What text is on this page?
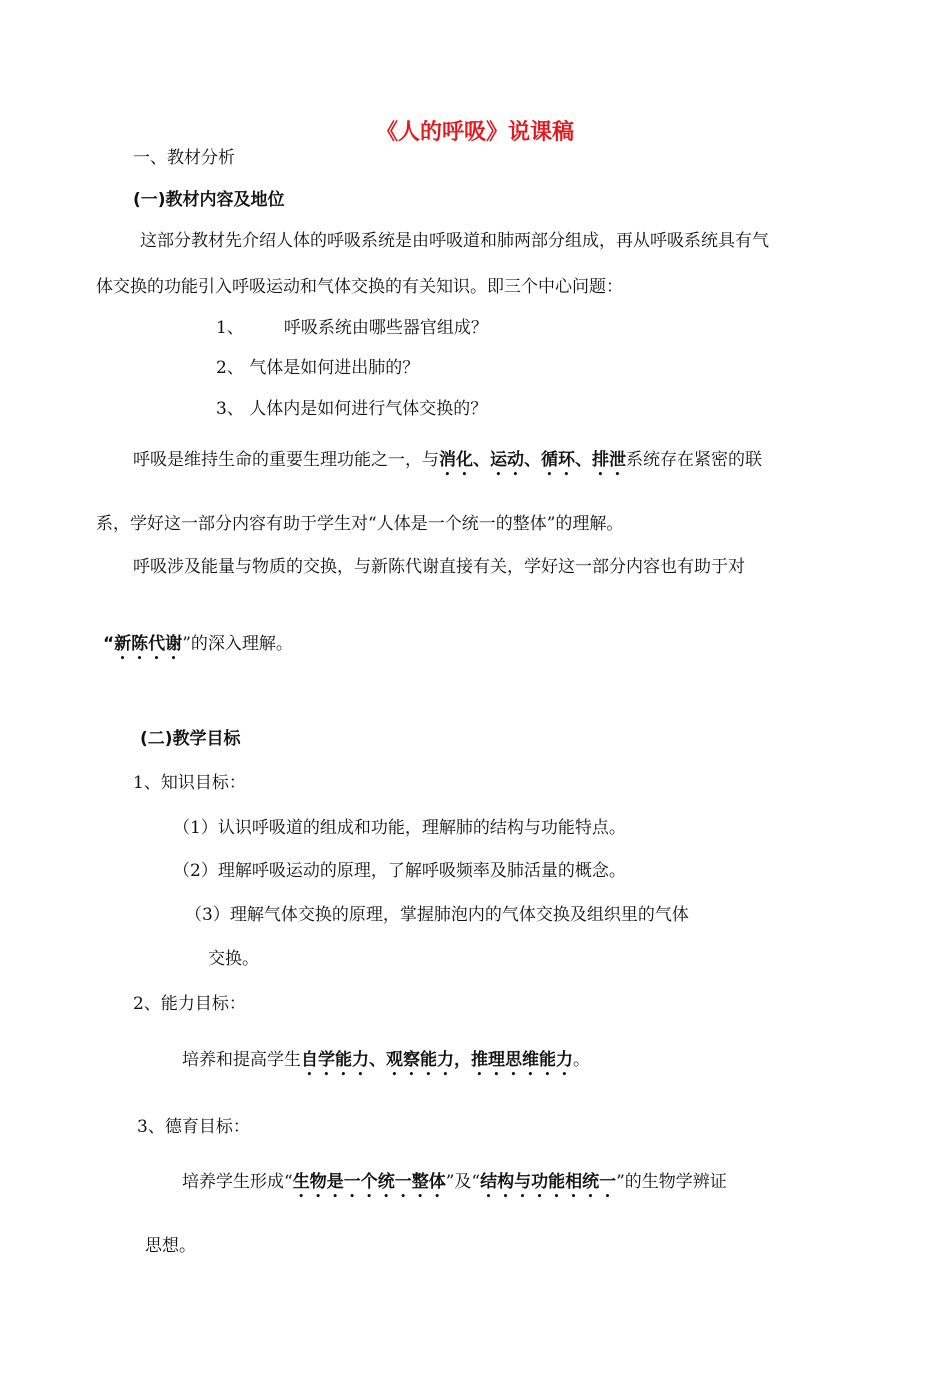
《人的呼吸》说课稿
一、教材分析
(一)教材内容及地位
这部分教材先介绍人体的呼吸系统是由呼吸道和肺两部分组成，再从呼吸系统具有气
体交换的功能引入呼吸运动和气体交换的有关知识。即三个中心问题：
1、 呼吸系统由哪些器官组成？
2、 气体是如何进出肺的？
3、 人体内是如何进行气体交换的？
呼吸是维持生命的重要生理功能之一，与消化、运动、循环、排泄系统存在紧密的联
系，学好这一部分内容有助于学生对“人体是一个统一的整体”的理解。
呼吸涉及能量与物质的交换，与新陈代谢直接有关，学好这一部分内容也有助于对
“新陈代谢”的深入理解。
(二)教学目标
1、知识目标：
（1）认识呼吸道的组成和功能，理解肺的结构与功能特点。
（2）理解呼吸运动的原理，了解呼吸频率及肺活量的概念。
（3）理解气体交换的原理，掌握肺泡内的气体交换及组织里的气体
交换。
2、能力目标：
培养和提高学生自学能力、观察能力，推理思维能力。
3、德育目标：
培养学生形成“生物是一个统一整体”及“结构与功能相统一”的生物学辨证
思想。
